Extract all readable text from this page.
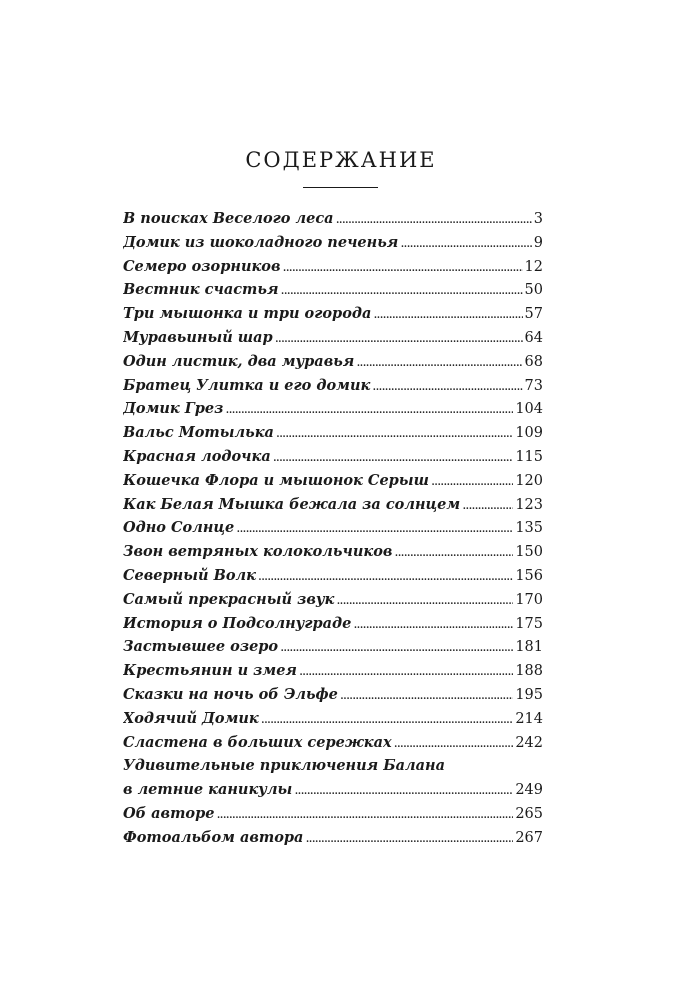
СОДЕРЖАНИЕ
В поисках Веселого леса . . .	3
Домик из шоколадного печенья . . .	9
Семеро озорников . . .	12
Вестник счастья . . .	50
Три мышонка и три огорода . . .	57
Муравьиный шар . . .	64
Один листик, два муравья . . .	68
Братец Улитка и его домик . . .	73
Домик Грез . . .	104
Вальс Мотылька . . .	109
Красная лодочка . . .	115
Кошечка Флора и мышонок Серыш . . .	120
Как Белая Мышка бежала за солнцем . . .	123
Одно Солнце . . .	135
Звон ветряных колокольчиков . . .	150
Северный Волк . . .	156
Самый прекрасный звук . . .	170
История о Подсолнуграде . . .	175
Застывшее озеро . . .	181
Крестьянин и змея . . .	188
Сказки на ночь об Эльфе . . .	195
Ходячий Домик . . .	214
Сластена в больших сережках . . .	242
Удивительные приключения Балана
в летние каникулы . . .	249
Об авторе . . .	265
Фотоальбом автора . . .	267
